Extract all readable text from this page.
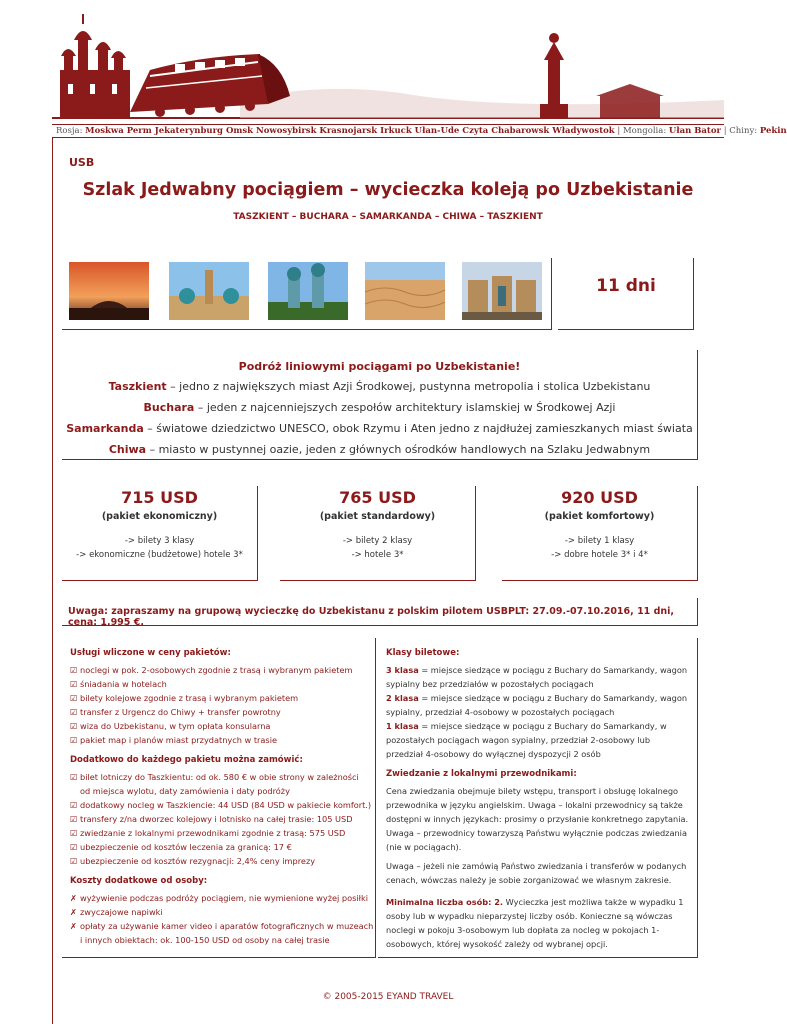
Rosja: Moskwa Perm Jekaterynburg Omsk Nowosybirsk Krasnojarsk Irkuck Ułan-Ude Czyta Chabarowsk Władywostok | Mongolia: Ułan Bator | Chiny: Pekin
USB
Szlak Jedwabny pociągiem – wycieczka koleją po Uzbekistanie
TASZKIENT – BUCHARA – SAMARKANDA – CHIWA – TASZKIENT
11 dni
Podróż liniowymi pociągami po Uzbekistanie!
Taszkient – jedno z największych miast Azji Środkowej, pustynna metropolia i stolica Uzbekistanu
Buchara – jeden z najcenniejszych zespołów architektury islamskiej w Środkowej Azji
Samarkanda – światowe dziedzictwo UNESCO, obok Rzymu i Aten jedno z najdłużej zamieszkanych miast świata
Chiwa – miasto w pustynnej oazie, jeden z głównych ośrodków handlowych na Szlaku Jedwabnym
715 USD
(pakiet ekonomiczny)
-> bilety 3 klasy
-> ekonomiczne (budżetowe) hotele 3*
765 USD
(pakiet standardowy)
-> bilety 2 klasy
-> hotele 3*
920 USD
(pakiet komfortowy)
-> bilety 1 klasy
-> dobre hotele 3* i 4*
Uwaga: zapraszamy na grupową wycieczkę do Uzbekistanu z polskim pilotem USBPLT: 27.09.-07.10.2016, 11 dni, cena: 1.995 €.
Usługi wliczone w ceny pakietów:
☑ noclegi w pok. 2-osobowych zgodnie z trasą i wybranym pakietem
☑ śniadania w hotelach
☑ bilety kolejowe zgodnie z trasą i wybranym pakietem
☑ transfer z Urgencz do Chiwy + transfer powrotny
☑ wiza do Uzbekistanu, w tym opłata konsularna
☑ pakiet map i planów miast przydatnych w trasie
Dodatkowo do każdego pakietu można zamówić:
☑ bilet lotniczy do Taszkientu: od ok. 580 € w obie strony w zależności
od miejsca wylotu, daty zamówienia i daty podróży
☑ dodatkowy nocleg w Taszkiencie: 44 USD (84 USD w pakiecie komfort.)
☑ transfery z/na dworzec kolejowy i lotnisko na całej trasie: 105 USD
☑ zwiedzanie z lokalnymi przewodnikami zgodnie z trasą: 575 USD
☑ ubezpieczenie od kosztów leczenia za granicą: 17 €
☑ ubezpieczenie od kosztów rezygnacji: 2,4% ceny imprezy
Koszty dodatkowe od osoby:
✗ wyżywienie podczas podróży pociągiem, nie wymienione wyżej posiłki
✗ zwyczajowe napiwki
✗ opłaty za używanie kamer video i aparatów fotograficznych w muzeach
i innych obiektach: ok. 100-150 USD od osoby na całej trasie
Klasy biletowe:
3 klasa = miejsce siedzące w pociągu z Buchary do Samarkandy, wagon sypialny bez przedziałów w pozostałych pociągach
2 klasa = miejsce siedzące w pociągu z Buchary do Samarkandy, wagon sypialny, przedział 4-osobowy w pozostałych pociągach
1 klasa = miejsce siedzące w pociągu z Buchary do Samarkandy, w pozostałych pociągach wagon sypialny, przedział 2-osobowy lub przedział 4-osobowy do wyłącznej dyspozycji 2 osób
Zwiedzanie z lokalnymi przewodnikami:
Cena zwiedzania obejmuje bilety wstępu, transport i obsługę lokalnego przewodnika w języku angielskim. Uwaga – lokalni przewodnicy są także dostępni w innych językach: prosimy o przysłanie konkretnego zapytania. Uwaga – przewodnicy towarzyszą Państwu wyłącznie podczas zwiedzania (nie w pociągach).
Uwaga – jeżeli nie zamówią Państwo zwiedzania i transferów w podanych cenach, wówczas należy je sobie zorganizować we własnym zakresie.
Minimalna liczba osób: 2. Wycieczka jest możliwa także w wypadku 1 osoby lub w wypadku nieparzystej liczby osób. Konieczne są wówczas noclegi w pokoju 3-osobowym lub dopłata za nocleg w pokojach 1-osobowych, której wysokość zależy od wybranej opcji.
© 2005-2015 EYAND TRAVEL
